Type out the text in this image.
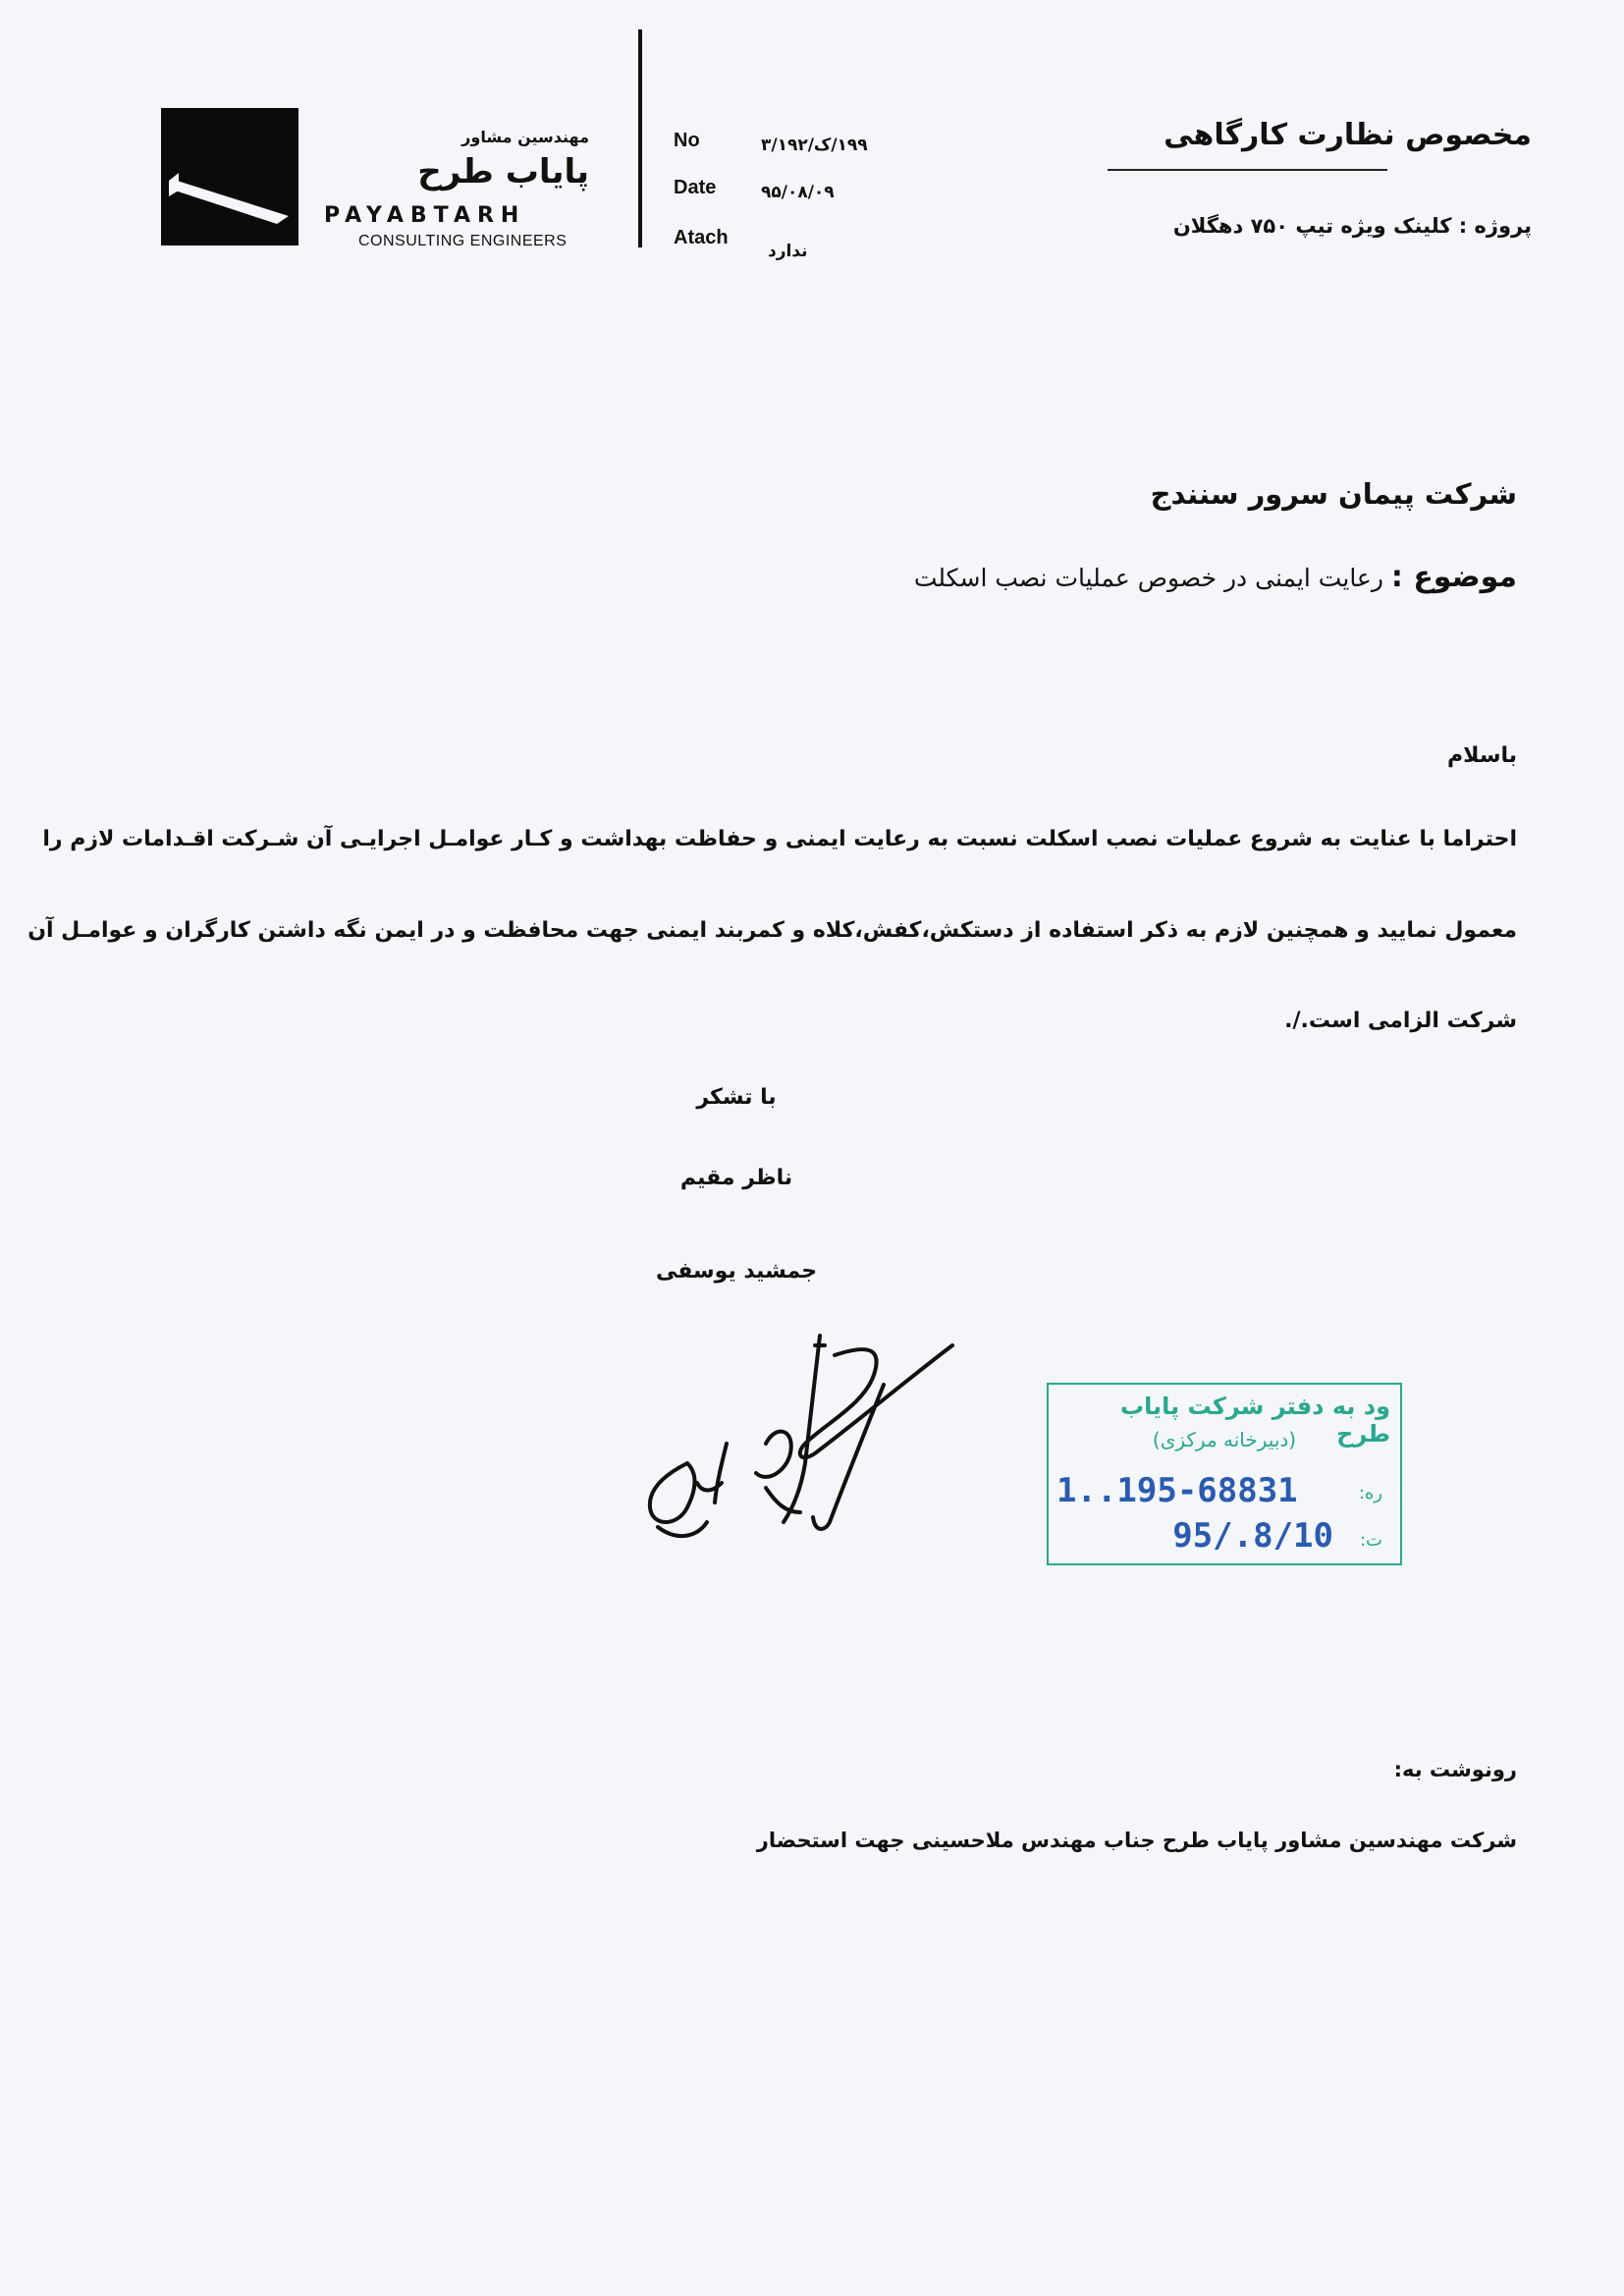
مهندسین مشاور
پایاب طرح
PAYABTARH
CONSULTING ENGINEERS
No	۱۹۹/ک/۳/۱۹۲
Date	۹۵/۰۸/۰۹
Atach
ندارد
مخصوص نظارت کارگاهی
پروژه : کلینک ویژه تیپ ۷۵۰ دهگلان
شرکت پیمان سرور سنندج
موضوع : رعایت ایمنی در خصوص عملیات نصب اسکلت
باسلام
احتراما با عنایت به شروع عملیات نصب اسکلت نسبت به رعایت ایمنی و حفاظت بهداشت و کـار عوامـل اجرایـی آن شـرکت اقـدامات لازم را
معمول نمایید و همچنین لازم به ذکر استفاده از دستکش،کفش،کلاه و کمربند ایمنی جهت محافظت و در ایمن نگه داشتن کارگران و عوامـل آن
شرکت الزامی است./.
با تشکر
ناظر مقیم
جمشید یوسفی
ود به دفتر شرکت پایاب طرح
(دبیرخانه مرکزی)
ره:
1..195-68831
ت:
95/.8/10
رونوشت به:
شرکت مهندسین مشاور پایاب طرح جناب مهندس ملاحسینی جهت استحضار
